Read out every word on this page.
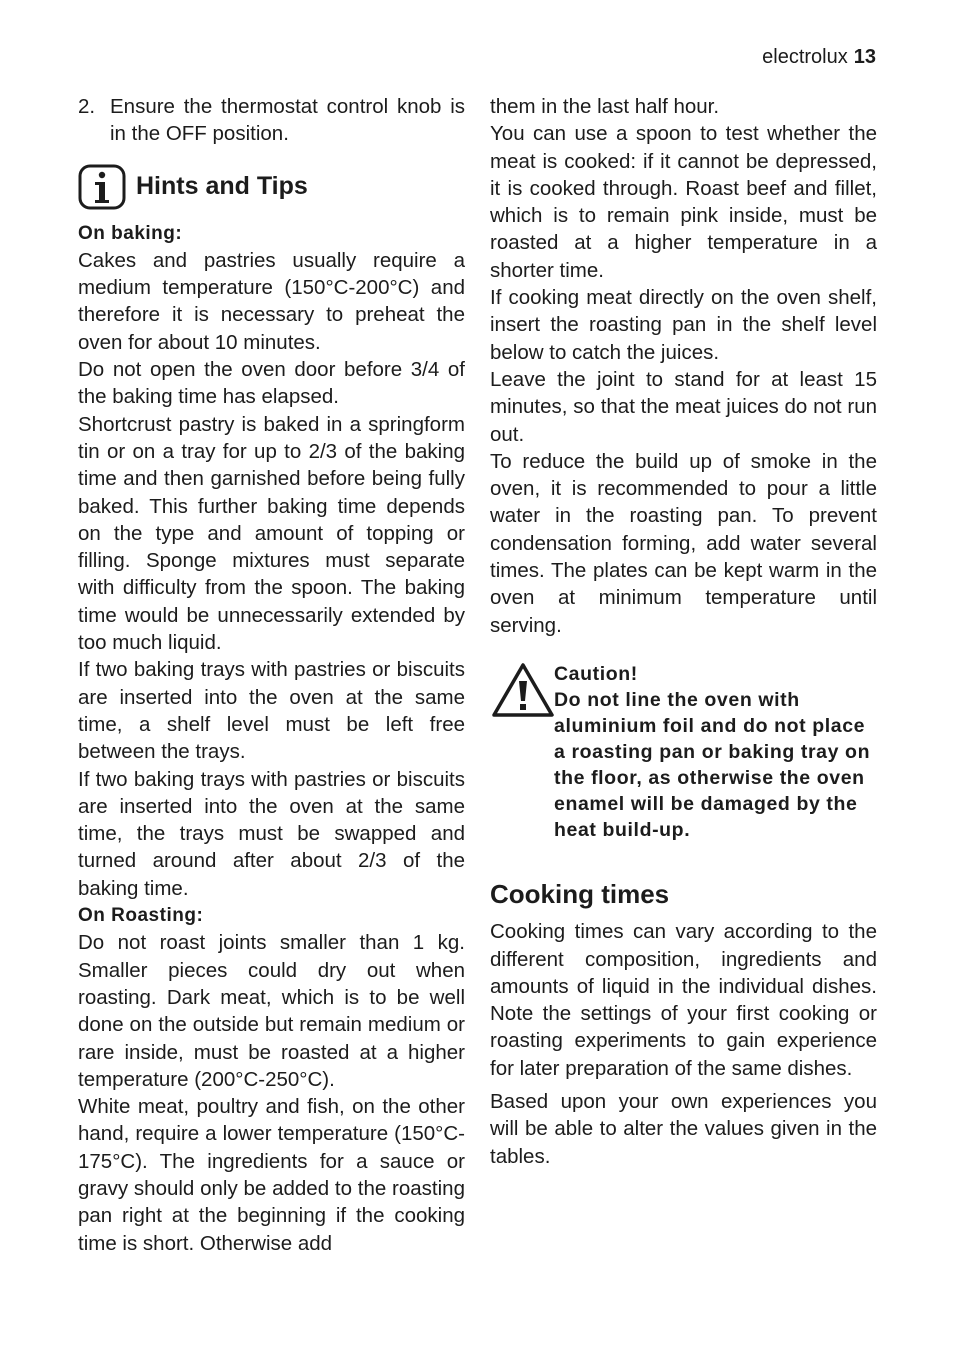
electrolux 13
2. Ensure the thermostat control knob is in the OFF position.
Hints and Tips
On baking:

Cakes and pastries usually require a medium temperature (150°C-200°C) and therefore it is necessary to preheat the oven for about 10 minutes.

Do not open the oven door before 3/4 of the baking time has elapsed.

Shortcrust pastry is baked in a springform tin or on a tray for up to 2/3 of the baking time and then garnished before being fully baked. This further baking time depends on the type and amount of topping or filling. Sponge mixtures must separate with difficulty from the spoon. The baking time would be unnecessarily extended by too much liquid.

If two baking trays with pastries or biscuits are inserted into the oven at the same time, a shelf level must be left free between the trays.

If two baking trays with pastries or biscuits are inserted into the oven at the same time, the trays must be swapped and turned around after about 2/3 of the baking time.

On Roasting:

Do not roast joints smaller than 1 kg. Smaller pieces could dry out when roasting. Dark meat, which is to be well done on the outside but remain medium or rare inside, must be roasted at a higher temperature (200°C-250°C).

White meat, poultry and fish, on the other hand, require a lower temperature (150°C-175°C). The ingredients for a sauce or gravy should only be added to the roasting pan right at the beginning if the cooking time is short. Otherwise add

them in the last half hour.

You can use a spoon to test whether the meat is cooked: if it cannot be depressed, it is cooked through. Roast beef and fillet, which is to remain pink inside, must be roasted at a higher temperature in a shorter time.

If cooking meat directly on the oven shelf, insert the roasting pan in the shelf level below to catch the juices.

Leave the joint to stand for at least 15 minutes, so that the meat juices do not run out.

To reduce the build up of smoke in the oven, it is recommended to pour a little water in the roasting pan. To prevent condensation forming, add water several times. The plates can be kept warm in the oven at minimum temperature until serving.

Caution!
Do not line the oven with aluminium foil and do not place a roasting pan or baking tray on the floor, as otherwise the oven enamel will be damaged by the heat build-up.
Cooking times

Cooking times can vary according to the different composition, ingredients and amounts of liquid in the individual dishes. Note the settings of your first cooking or roasting experiments to gain experience for later preparation of the same dishes.

Based upon your own experiences you will be able to alter the values given in the tables.
